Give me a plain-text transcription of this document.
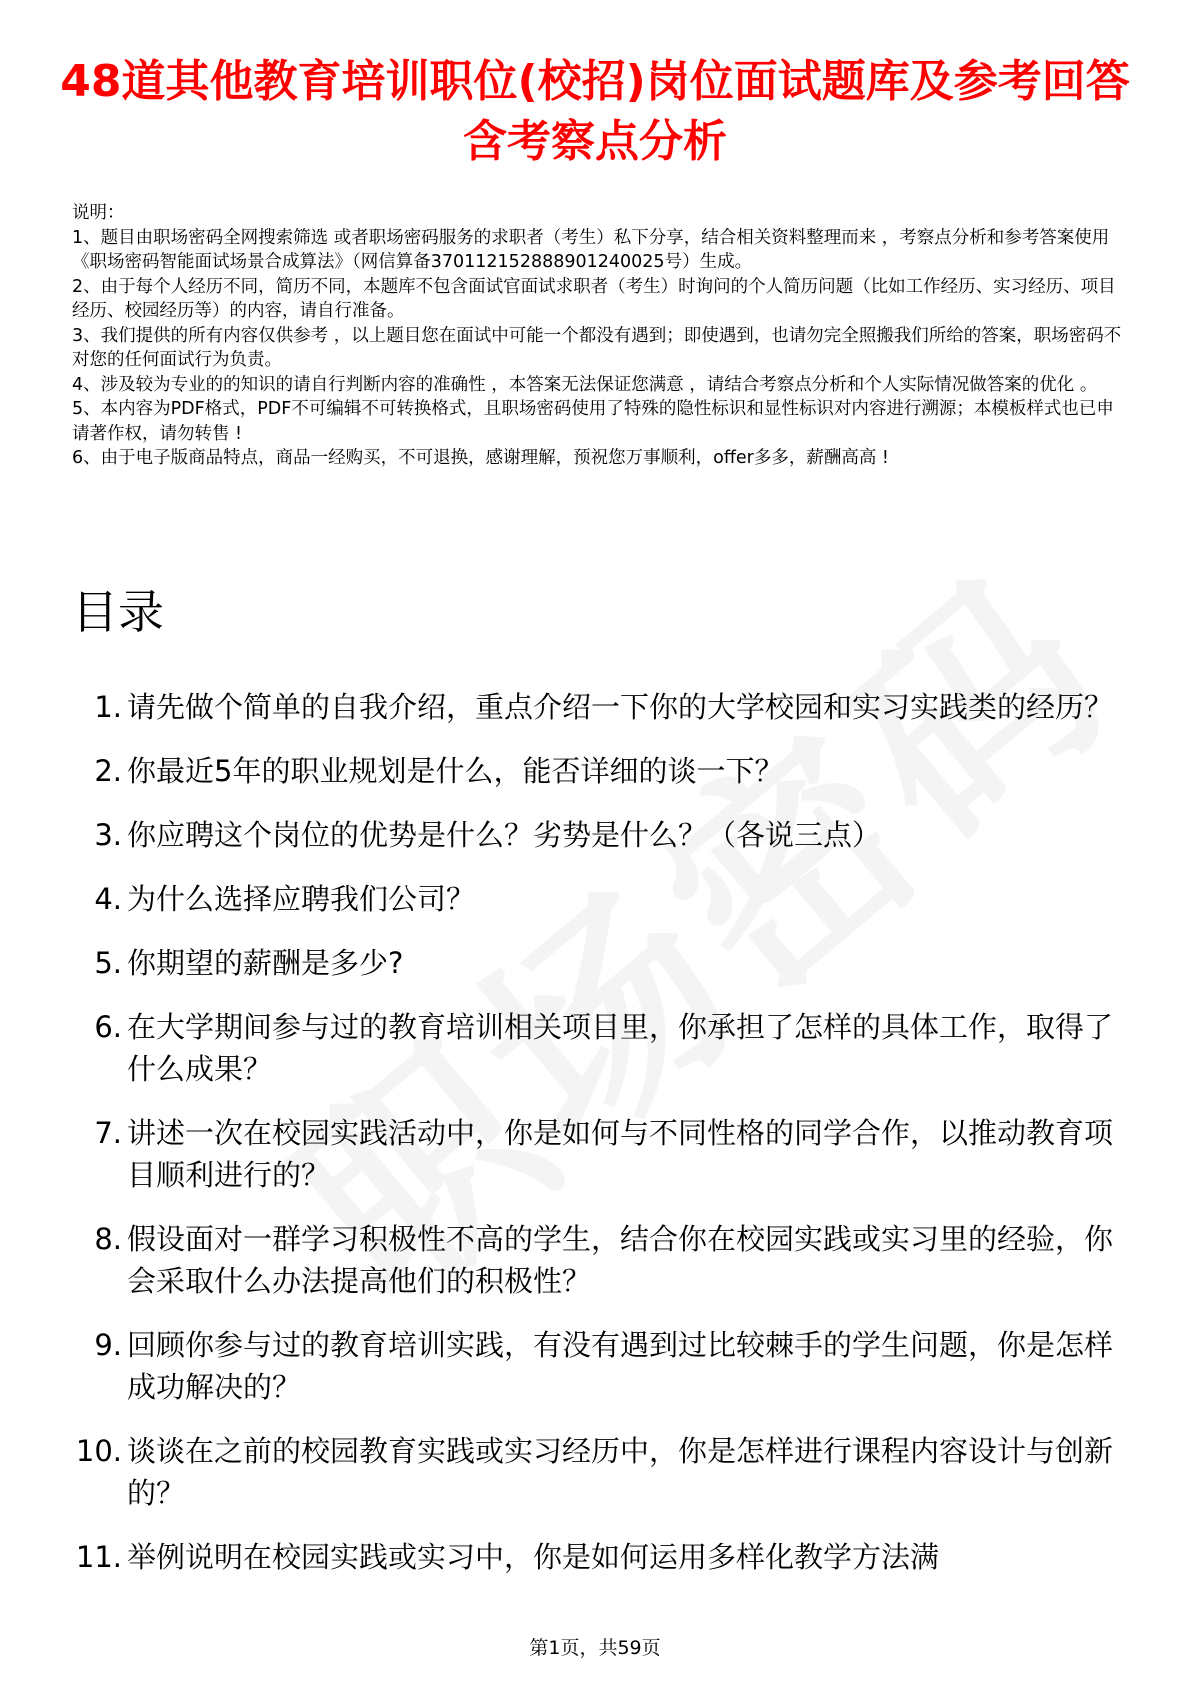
48道其他教育培训职位(校招)岗位面试题库及参考回答含考察点分析

说明：

1、题目由职场密码全网搜索筛选 或者职场密码服务的求职者（考生）私下分享，结合相关资料整理而来 ，考察点分析和参考答案使用《职场密码智能面试场景合成算法》（网信算备370112152888901240025号）生成。

2、由于每个人经历不同，简历不同，本题库不包含面试官面试求职者（考生）时询问的个人简历问题（比如工作经历、实习经历、项目经历、校园经历等）的内容，请自行准备。

3、我们提供的所有内容仅供参考 ，以上题目您在面试中可能一个都没有遇到；即使遇到，也请勿完全照搬我们所给的答案，职场密码不对您的任何面试行为负责。

4、涉及较为专业的的知识的请自行判断内容的准确性 ，本答案无法保证您满意 ，请结合考察点分析和个人实际情况做答案的优化 。

5、本内容为PDF格式，PDF不可编辑不可转换格式，且职场密码使用了特殊的隐性标识和显性标识对内容进行溯源；本模板样式也已申请著作权，请勿转售 !

6、由于电子版商品特点，商品一经购买，不可退换，感谢理解，预祝您万事顺利，offer多多，薪酬高高 !

目录
1. 请先做个简单的自我介绍，重点介绍一下你的大学校园和实习实践类的经历？
2. 你最近5年的职业规划是什么，能否详细的谈一下？
3. 你应聘这个岗位的优势是什么？劣势是什么？（各说三点）
4. 为什么选择应聘我们公司？
5. 你期望的薪酬是多少?
6. 在大学期间参与过的教育培训相关项目里，你承担了怎样的具体工作，取得了什么成果？
7. 讲述一次在校园实践活动中，你是如何与不同性格的同学合作，以推动教育项目顺利进行的？
8. 假设面对一群学习积极性不高的学生，结合你在校园实践或实习里的经验，你会采取什么办法提高他们的积极性？
9. 回顾你参与过的教育培训实践，有没有遇到过比较棘手的学生问题，你是怎样成功解决的？
10. 谈谈在之前的校园教育实践或实习经历中，你是怎样进行课程内容设计与创新的？
11. 举例说明在校园实践或实习中，你是如何运用多样化教学方法满
第1页，共59页
